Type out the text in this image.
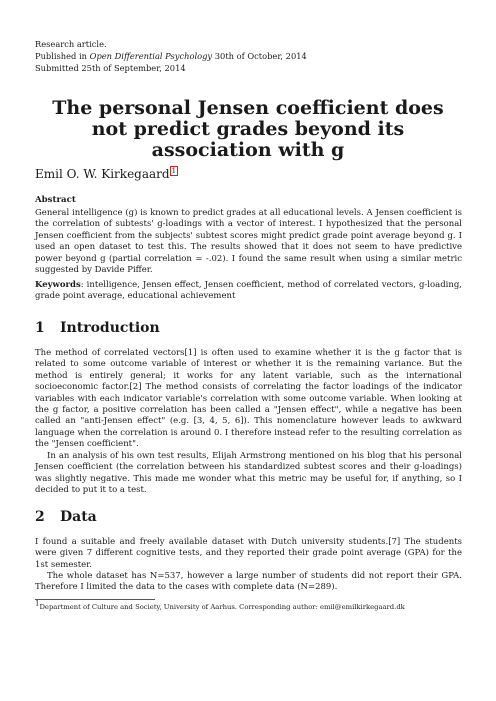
Research article.
Published in Open Differential Psychology 30th of October, 2014
Submitted 25th of September, 2014
The personal Jensen coefficient does not predict grades beyond its association with g
Emil O. W. Kirkegaard $^1$
Abstract
General intelligence (g) is known to predict grades at all educational levels. A Jensen coefficient is the correlation of subtests' g-loadings with a vector of interest. I hypothesized that the personal Jensen coefficient from the subjects' subtest scores might predict grade point average beyond g. I used an open dataset to test this. The results showed that it does not seem to have predictive power beyond g (partial correlation = -.02). I found the same result when using a similar metric suggested by Davide Piffer.
Keywords: intelligence, Jensen effect, Jensen coefficient, method of correlated vectors, g-loading, grade point average, educational achievement
1 Introduction
The method of correlated vectors[1] is often used to examine whether it is the g factor that is related to some outcome variable of interest or whether it is the remaining variance. But the method is entirely general; it works for any latent variable, such as the international socioeconomic factor.[2] The method consists of correlating the factor loadings of the indicator variables with each indicator variable's correlation with some outcome variable. When looking at the g factor, a positive correlation has been called a "Jensen effect", while a negative has been called an "anti-Jensen effect" (e.g. [3, 4, 5, 6]). This nomenclature however leads to awkward language when the correlation is around 0. I therefore instead refer to the resulting correlation as the "Jensen coefficient".
In an analysis of his own test results, Elijah Armstrong mentioned on his blog that his personal Jensen coefficient (the correlation between his standardized subtest scores and their g-loadings) was slightly negative. This made me wonder what this metric may be useful for, if anything, so I decided to put it to a test.
2 Data
I found a suitable and freely available dataset with Dutch university students.[7] The students were given 7 different cognitive tests, and they reported their grade point average (GPA) for the 1st semester.
The whole dataset has N=537, however a large number of students did not report their GPA. Therefore I limited the data to the cases with complete data (N=289).
1Department of Culture and Society, University of Aarhus. Corresponding author: emil@emilkirkegaard.dk
